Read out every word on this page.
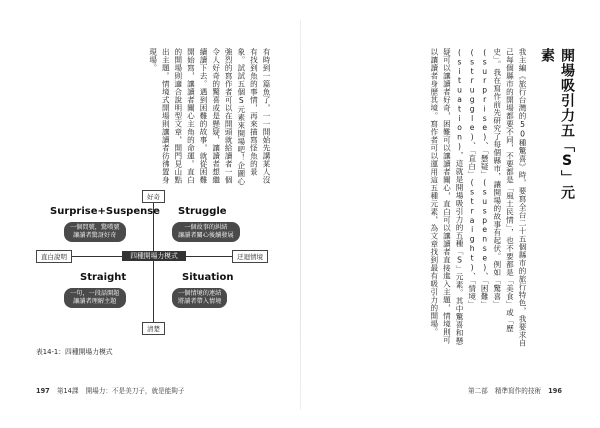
開場吸引力五「S」元素
我主編《旅行台灣的50種驚喜》時，要寫全台二十五個縣市的旅行特色，我要求自己每個縣市的開場都要不同，不要都是「風土民情」，也不要都是「美食」或「歷史」。我在寫作前先研究了每個縣市，讓開場的故事有起伏。例如「驚喜」(surprise)、「懸疑」(suspense)、「困難」(struggle)、「直白」(straight)、「情境」(situation)，這就是開場吸引力的五種「S」元素。其中驚喜和懸疑可以讓讀者好奇，困難可以讓讀者關心，直白可以讓讀者直接進入主題，情境則可以讓讀者身歷其境。寫作者可以運用這五種元素，為文章找到最有吸引力的開場。
第二部 精準寫作的技術 196
有時到一篇魚了，一一開始先講某人沒有找到魚的事情，再來描寫怪魚的景象。試試五個S元素來開場吧！企圖心強烈的寫作者可以在開頭就給讀者一個令人好奇的驚喜或是懸疑，讓讀者想繼續讀下去。遇到困難的故事，就從困難開始寫，讓讀者關心主角的命運。直白的開場則適合說明型文章，開門見山點出主題。情境式開場則讓讀者彷彿置身現場。
好奇
清楚
直白說明	迂迴情境
四種開場力模式
Surprise+Suspense
一個問號，驚嘆號
讓讀者驚訝好奇
Struggle
一個故事的糾結
讓讀者關心後續發展
Straight
一句，一段話開題
讓讀者理解主題
Situation
一個情境的連結
將讀者帶入情境
表14-1：四種開場力模式
197 第14課 開場力：不是美刀子，就是能夠子
